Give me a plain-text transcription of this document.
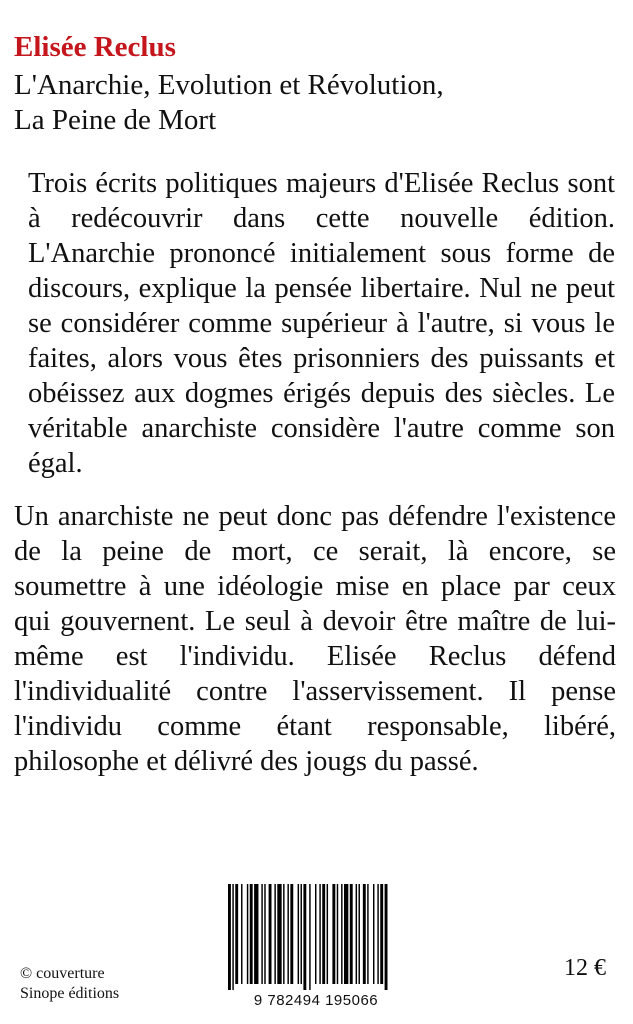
Elisée Reclus

L'Anarchie, Evolution et Révolution,

La Peine de Mort

Trois écrits politiques majeurs d'Elisée Reclus sont à redécouvrir dans cette nouvelle édition. L'Anarchie prononcé initialement sous forme de discours, explique la pensée libertaire. Nul ne peut se considérer comme supérieur à l'autre, si vous le faites, alors vous êtes prisonniers des puissants et obéissez aux dogmes érigés depuis des siècles. Le véritable anarchiste considère l'autre comme son égal.

Un anarchiste ne peut donc pas défendre l'existence de la peine de mort, ce serait, là encore, se soumettre à une idéologie mise en place par ceux qui gouvernent. Le seul à devoir être maître de lui-même est l'individu. Elisée Reclus défend l'individualité contre l'asservissement. Il pense l'individu comme étant responsable, libéré, philosophe et délivré des jougs du passé.

© couverture

Sinope éditions	9 782494 195066

12 €
